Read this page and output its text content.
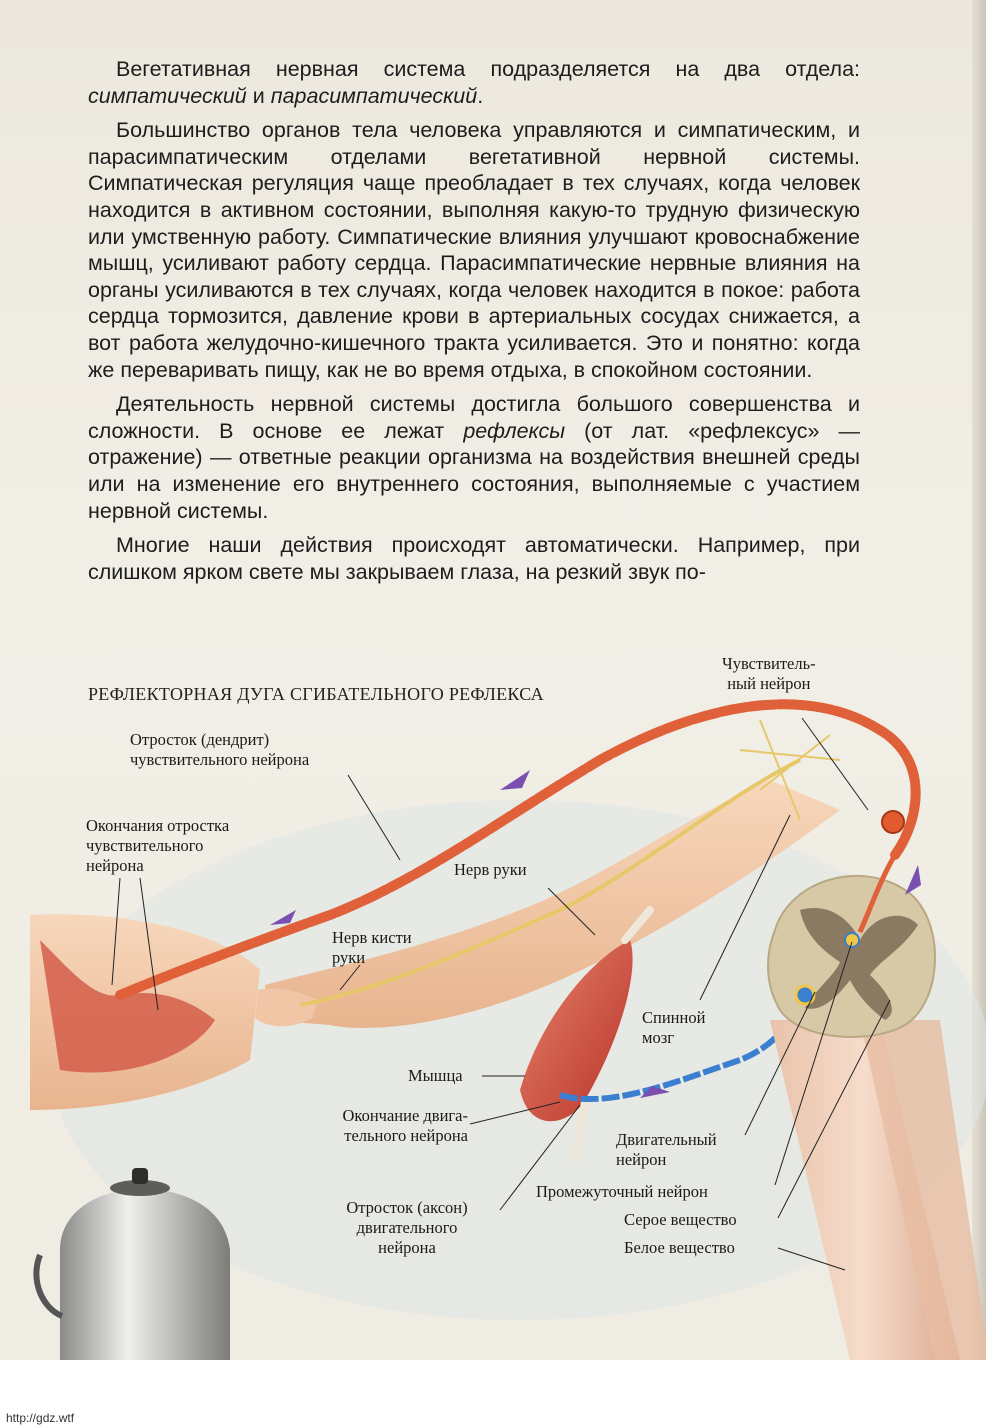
Вегетативная нервная система подразделяется на два отдела: симпатический и парасимпатический.

Большинство органов тела человека управляются и симпатическим, и парасимпатическим отделами вегетативной нервной системы. Симпатическая регуляция чаще преобладает в тех случаях, когда человек находится в активном состоянии, выполняя какую-то трудную физическую или умственную работу. Симпатические влияния улучшают кровоснабжение мышц, усиливают работу сердца. Парасимпатические нервные влияния на органы усиливаются в тех случаях, когда человек находится в покое: работа сердца тормозится, давление крови в артериальных сосудах снижается, а вот работа желудочно-кишечного тракта усиливается. Это и понятно: когда же переваривать пищу, как не во время отдыха, в спокойном состоянии.

Деятельность нервной системы достигла большого совершенства и сложности. В основе ее лежат рефлексы (от лат. «рефлексус» — отражение) — ответные реакции организма на воздействия внешней среды или на изменение его внутреннего состояния, выполняемые с участием нервной системы.

Многие наши действия происходят автоматически. Например, при слишком ярком свете мы закрываем глаза, на резкий звук по-

РЕФЛЕКТОРНАЯ ДУГА СГИБАТЕЛЬНОГО РЕФЛЕКСА
Чувствитель-
ный нейрон
Отросток (дендрит)
чувствительного нейрона
Окончания отростка
чувствительного
нейрона	Нерв руки
Нерв кисти
руки
Спинной
мозг
Мышца
Окончание двига-
тельного нейрона	Двигательный
нейрон
Промежуточный нейрон
Отросток (аксон)
двигательного
нейрона
Серое вещество
Белое вещество
http://gdz.wtf
